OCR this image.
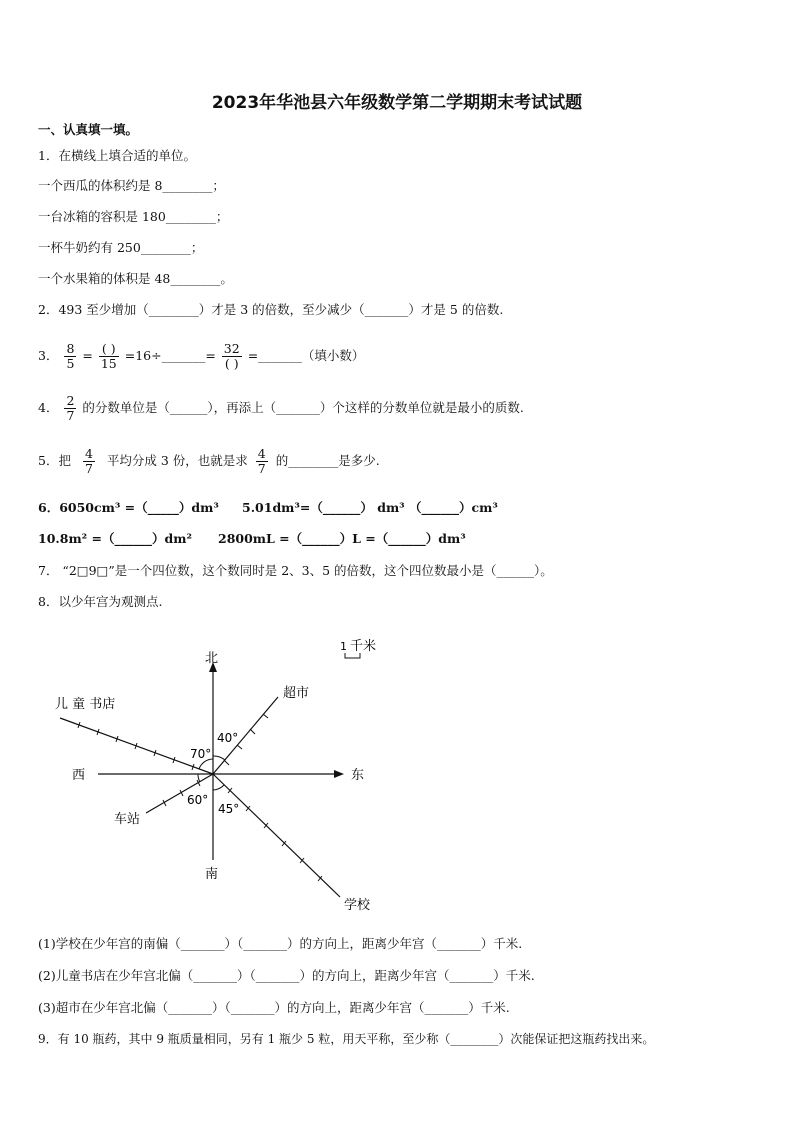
2023年华池县六年级数学第二学期期末考试试题
一、认真填一填。
1．在横线上填合适的单位。
一个西瓜的体积约是 8________；
一台冰箱的容积是 180________；
一杯牛奶约有 250________；
一个水果箱的体积是 48________。
2．493 至少增加（________）才是 3 的倍数，至少减少（_______）才是 5 的倍数.
3． $\frac{8}{5} = \frac{( )}{15}$ =16÷_______= $\frac{32}{( )}$ =_______（填小数）
4． $\frac{2}{7}$ 的分数单位是（______），再添上（_______）个这样的分数单位就是最小的质数.
5．把 $\frac{4}{7}$ 平均分成 3 份，也就是求 $\frac{4}{7}$ 的________是多少.
6．6050cm³ =（_____）dm³ 5.01dm³=（______） dm³ （______）cm³
10.8m² =（______）dm² 2800mL =（______）L =（______）dm³
7． “2□9□”是一个四位数，这个数同时是 2、3、5 的倍数，这个四位数最小是（______）。
8．以少年宫为观测点.
1 千米
北
南
东
西
超市
儿 童 书店
车站
学校
40°
70°
60°
45°
(1)学校在少年宫的南偏（_______）（_______）的方向上，距离少年宫（_______）千米.
(2)儿童书店在少年宫北偏（_______）（_______）的方向上，距离少年宫（_______）千米.
(3)超市在少年宫北偏（_______）（_______）的方向上，距离少年宫（_______）千米.
9．有 10 瓶药，其中 9 瓶质量相同，另有 1 瓶少 5 粒，用天平称，至少称（________）次能保证把这瓶药找出来。
